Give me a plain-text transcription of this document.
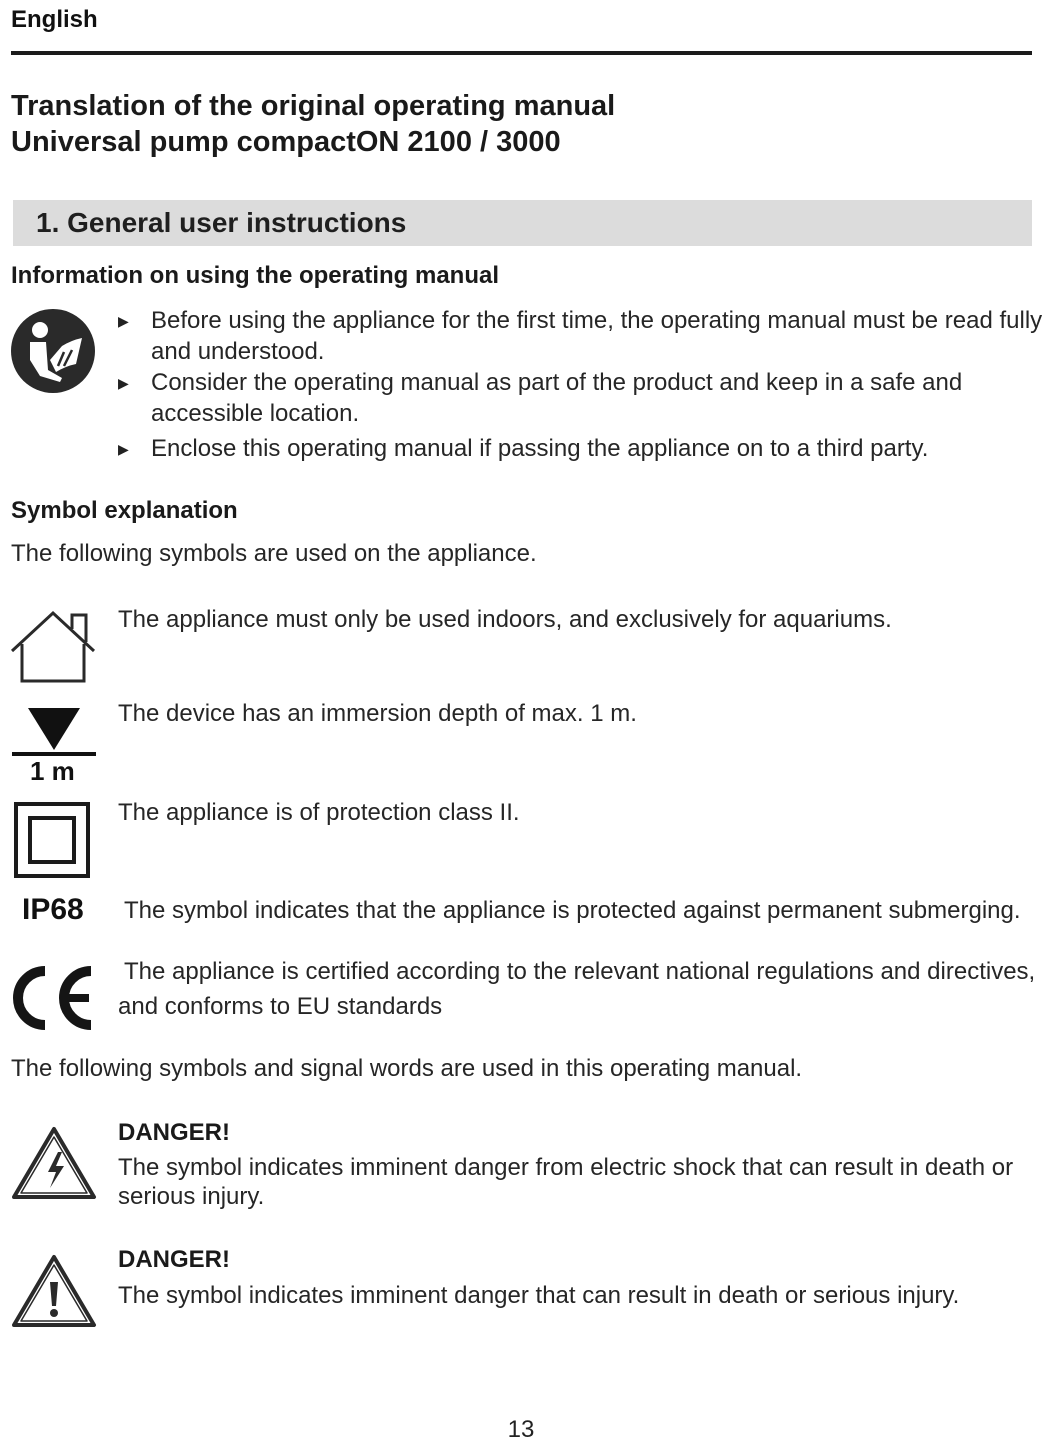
English
Translation of the original operating manual
Universal pump compactON 2100 / 3000
1. General user instructions
Information on using the operating manual
▶ Before using the appliance for the first time, the operating manual must be read fully
and understood.
▶ Consider the operating manual as part of the product and keep in a safe and
accessible location.
▶ Enclose this operating manual if passing the appliance on to a third party.
Symbol explanation
The following symbols are used on the appliance.
The appliance must only be used indoors, and exclusively for aquariums.
1 m
The device has an immersion depth of max. 1 m.
The appliance is of protection class II.
IP68 The symbol indicates that the appliance is protected against permanent submerging.
The appliance is certified according to the relevant national regulations and directives,
and conforms to EU standards
The following symbols and signal words are used in this operating manual.
DANGER!
The symbol indicates imminent danger from electric shock that can result in death or
serious injury.
DANGER!
The symbol indicates imminent danger that can result in death or serious injury.
13
